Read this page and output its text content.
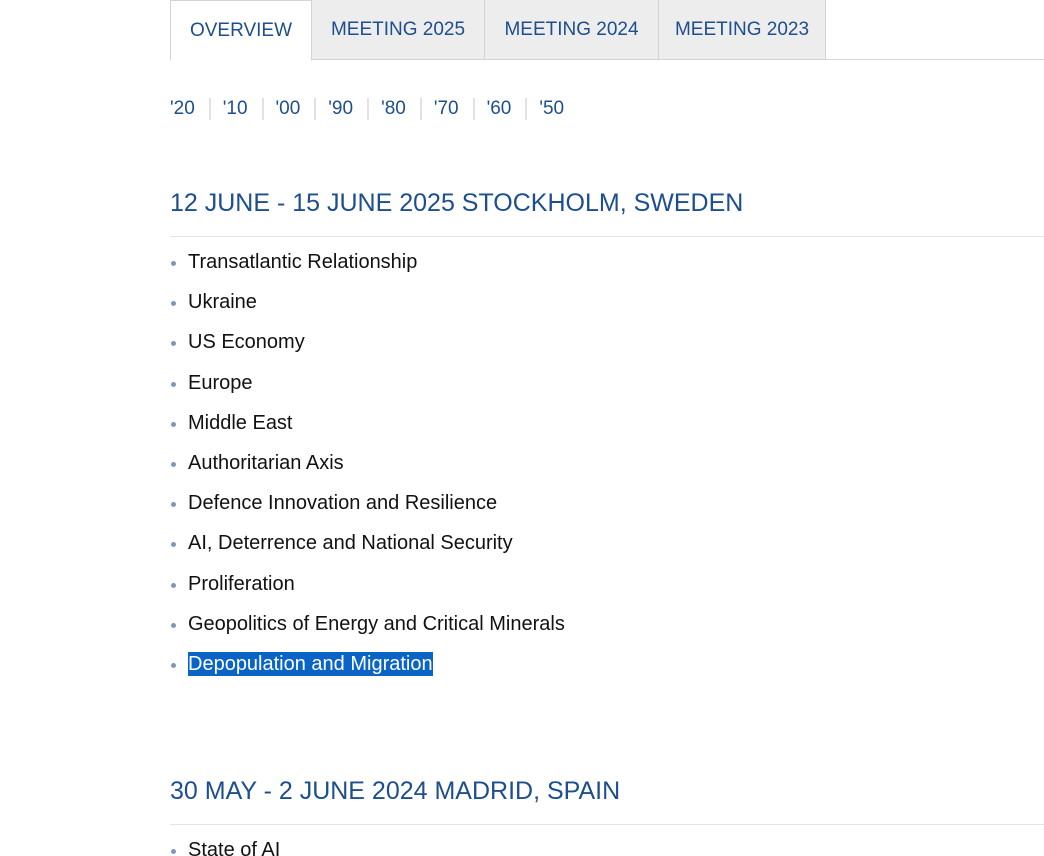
OVERVIEW	MEETING 2025	MEETING 2024	MEETING 2023
'20 '10 '00 '90 '80 '70 '60 '50
12 JUNE - 15 JUNE 2025 STOCKHOLM, SWEDEN
Transatlantic Relationship
Ukraine
US Economy
Europe
Middle East
Authoritarian Axis
Defence Innovation and Resilience
AI, Deterrence and National Security
Proliferation
Geopolitics of Energy and Critical Minerals
Depopulation and Migration
30 MAY - 2 JUNE 2024 MADRID, SPAIN
State of AI
